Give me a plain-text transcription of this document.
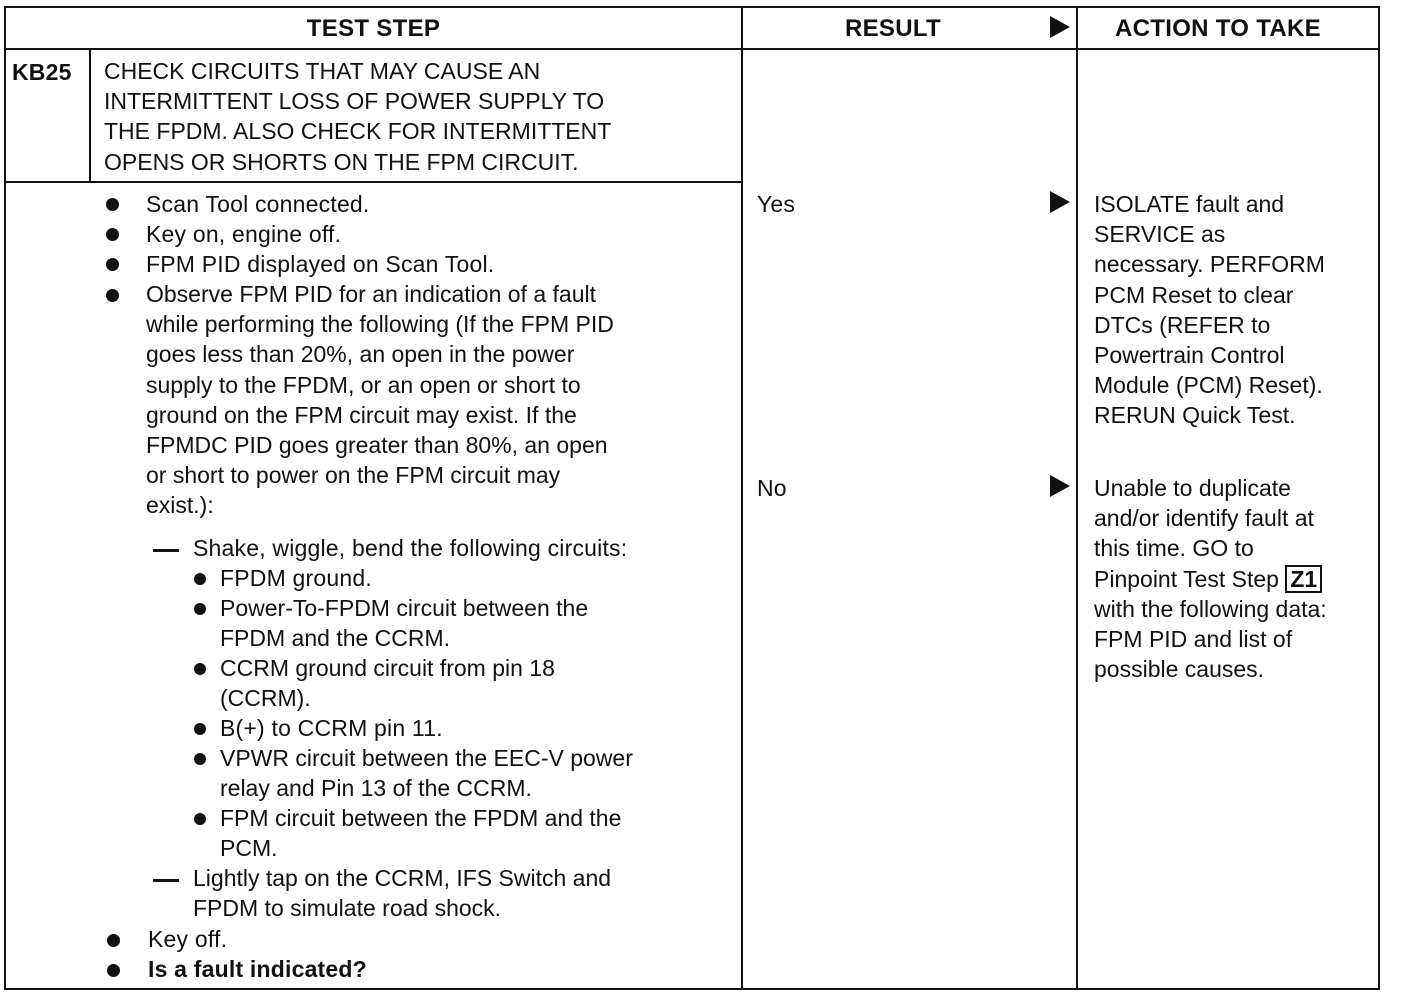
TEST STEP	RESULT	ACTION TO TAKE
KB25 CHECK CIRCUITS THAT MAY CAUSE AN
INTERMITTENT LOSS OF POWER SUPPLY TO
THE FPDM. ALSO CHECK FOR INTERMITTENT
OPENS OR SHORTS ON THE FPM CIRCUIT.
Scan Tool connected.
Key on, engine off.
FPM PID displayed on Scan Tool.
Observe FPM PID for an indication of a fault
while performing the following (If the FPM PID
goes less than 20%, an open in the power
supply to the FPDM, or an open or short to
ground on the FPM circuit may exist. If the
FPMDC PID goes greater than 80%, an open
or short to power on the FPM circuit may
exist.):
Shake, wiggle, bend the following circuits:
FPDM ground.
Power-To-FPDM circuit between the
FPDM and the CCRM.
CCRM ground circuit from pin 18
(CCRM).
B(+) to CCRM pin 11.
VPWR circuit between the EEC-V power
relay and Pin 13 of the CCRM.
FPM circuit between the FPDM and the
PCM.
Lightly tap on the CCRM, IFS Switch and
FPDM to simulate road shock.
Key off.
Is a fault indicated?
Yes
No
ISOLATE fault and
SERVICE as
necessary. PERFORM
PCM Reset to clear
DTCs (REFER to
Powertrain Control
Module (PCM) Reset).
RERUN Quick Test.
Unable to duplicate
and/or identify fault at
this time. GO to
Pinpoint Test Step Z1
with the following data:
FPM PID and list of
possible causes.
